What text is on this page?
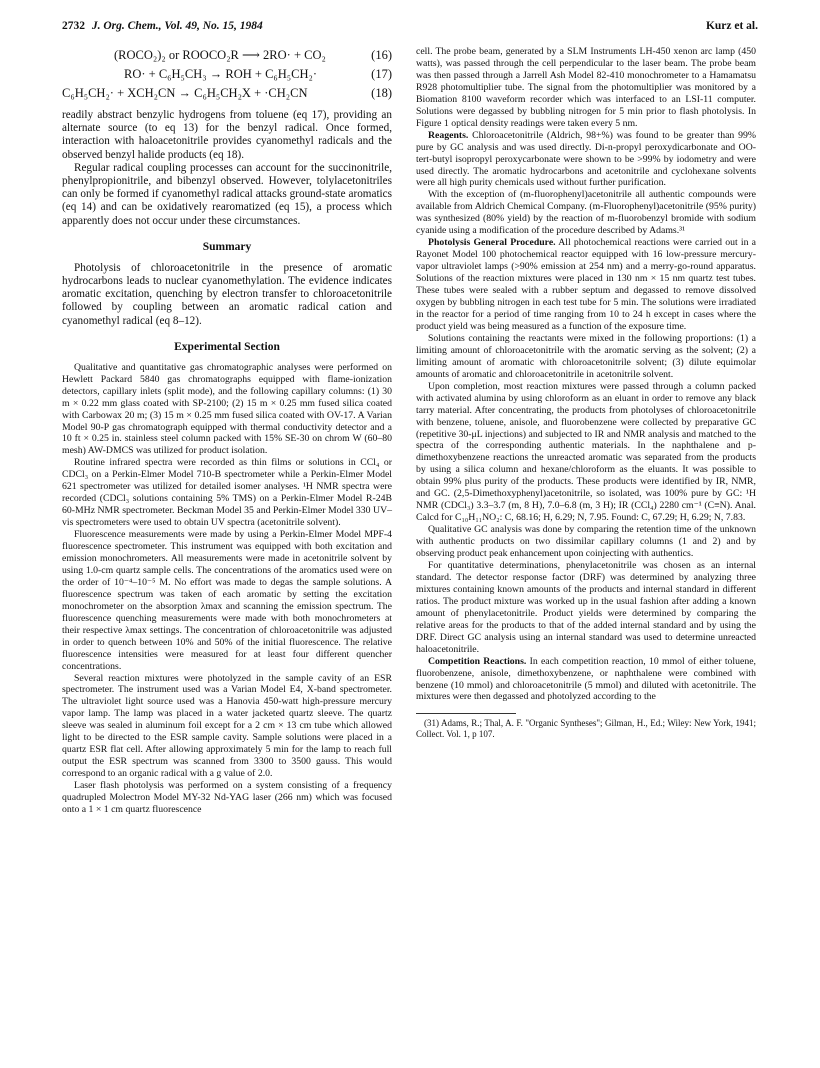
2732 J. Org. Chem., Vol. 49, No. 15, 1984	Kurz et al.
(ROCO₂)₂ or ROOCO₂R ⟶ 2RO· + CO₂	(16)
RO· + C₆H₅CH₃ → ROH + C₆H₅CH₂·	(17)
C₆H₅CH₂· + XCH₂CN → C₆H₅CH₂X + ·CH₂CN	(18)

readily abstract benzylic hydrogens from toluene (eq 17), providing an alternate source (to eq 13) for the benzyl radical. Once formed, interaction with haloacetonitrile provides cyanomethyl radicals and the observed benzyl halide products (eq 18).

Regular radical coupling processes can account for the succinonitrile, phenylpropionitrile, and bibenzyl observed. However, tolylacetonitriles can only be formed if cyanomethyl radical attacks ground-state aromatics (eq 14) and can be oxidatively rearomatized (eq 15), a process which apparently does not occur under these circumstances.

Summary

Photolysis of chloroacetonitrile in the presence of aromatic hydrocarbons leads to nuclear cyanomethylation. The evidence indicates aromatic excitation, quenching by electron transfer to chloroacetonitrile followed by coupling between an aromatic radical cation and cyanomethyl radical (eq 8–12).

Experimental Section

Qualitative and quantitative gas chromatographic analyses were performed on Hewlett Packard 5840 gas chromatographs equipped with flame-ionization detectors, capillary inlets (split mode), and the following capillary columns: (1) 30 m × 0.22 mm glass coated with SP-2100; (2) 15 m × 0.25 mm fused silica coated with Carbowax 20 m; (3) 15 m × 0.25 mm fused silica coated with OV-17. A Varian Model 90-P gas chromatograph equipped with thermal conductivity detector and a 10 ft × 0.25 in. stainless steel column packed with 15% SE-30 on chrom W (60–80 mesh) AW-DMCS was utilized for product isolation.

Routine infrared spectra were recorded as thin films or solutions in CCl₄ or CDCl₃ on a Perkin-Elmer Model 710-B spectrometer while a Perkin-Elmer Model 621 spectrometer was utilized for detailed isomer analyses. ¹H NMR spectra were recorded (CDCl₃ solutions containing 5% TMS) on a Perkin-Elmer Model R-24B 60-MHz NMR spectrometer. Beckman Model 35 and Perkin-Elmer Model 330 UV–vis spectrometers were used to obtain UV spectra (acetonitrile solvent).

Fluorescence measurements were made by using a Perkin-Elmer Model MPF-4 fluorescence spectrometer. This instrument was equipped with both excitation and emission monochrometers. All measurements were made in acetonitrile solvent by using 1.0-cm quartz sample cells. The concentrations of the aromatics used were on the order of 10⁻⁴–10⁻⁵ M. No effort was made to degas the sample solutions. A fluorescence spectrum was taken of each aromatic by setting the excitation monochrometer on the absorption λmax and scanning the emission spectrum. The fluorescence quenching measurements were made with both monochrometers at their respective λmax settings. The concentration of chloroacetonitrile was adjusted in order to quench between 10% and 50% of the initial fluorescence. The relative fluorescence intensities were measured for at least four different quencher concentrations.

Several reaction mixtures were photolyzed in the sample cavity of an ESR spectrometer. The instrument used was a Varian Model E4, X-band spectrometer. The ultraviolet light source used was a Hanovia 450-watt high-pressure mercury vapor lamp. The lamp was placed in a water jacketed quartz sleeve. The quartz sleeve was sealed in aluminum foil except for a 2 cm × 13 cm tube which allowed light to be directed to the ESR sample cavity. Sample solutions were placed in a quartz ESR flat cell. After allowing approximately 5 min for the lamp to reach full output the ESR spectrum was scanned from 3300 to 3500 gauss. This would correspond to an organic radical with a g value of 2.0.

Laser flash photolysis was performed on a system consisting of a frequency quadrupled Molectron Model MY-32 Nd-YAG laser (266 nm) which was focused onto a 1 × 1 cm quartz fluorescence

cell. The probe beam, generated by a SLM Instruments LH-450 xenon arc lamp (450 watts), was passed through the cell perpendicular to the laser beam. The probe beam was then passed through a Jarrell Ash Model 82-410 monochrometer to a Hamamatsu R928 photomultiplier tube. The signal from the photomultiplier was monitored by a Biomation 8100 waveform recorder which was interfaced to an LSI-11 computer. Solutions were degassed by bubbling nitrogen for 5 min prior to flash photolysis. In Figure 1 optical density readings were taken every 5 nm.

Reagents. Chloroacetonitrile (Aldrich, 98+%) was found to be greater than 99% pure by GC analysis and was used directly. Di-n-propyl peroxydicarbonate and OO-tert-butyl isopropyl peroxycarbonate were shown to be >99% by iodometry and were used directly. The aromatic hydrocarbons and acetonitrile and cyclohexane solvents were all high purity chemicals used without further purification.

With the exception of (m-fluorophenyl)acetonitrile all authentic compounds were available from Aldrich Chemical Company. (m-Fluorophenyl)acetonitrile (95% purity) was synthesized (80% yield) by the reaction of m-fluorobenzyl bromide with sodium cyanide using a modification of the procedure described by Adams.³¹

Photolysis General Procedure. All photochemical reactions were carried out in a Rayonet Model 100 photochemical reactor equipped with 16 low-pressure mercury-vapor ultraviolet lamps (>90% emission at 254 nm) and a merry-go-round apparatus. Solutions of the reaction mixtures were placed in 130 nm × 15 nm quartz test tubes. These tubes were sealed with a rubber septum and degassed to remove dissolved oxygen by bubbling nitrogen in each test tube for 5 min. The solutions were irradiated in the reactor for a period of time ranging from 10 to 24 h except in cases where the product yield was being measured as a function of the exposure time.

Solutions containing the reactants were mixed in the following proportions: (1) a limiting amount of chloroacetonitrile with the aromatic serving as the solvent; (2) a limiting amount of aromatic with chloroacetonitrile solvent; (3) dilute equimolar amounts of aromatic and chloroacetonitrile in acetonitrile solvent.

Upon completion, most reaction mixtures were passed through a column packed with activated alumina by using chloroform as an eluant in order to remove any black tarry material. After concentrating, the products from photolyses of chloroacetonitrile with benzene, toluene, anisole, and fluorobenzene were collected by preparative GC (repetitive 30-μL injections) and subjected to IR and NMR analysis and matched to the spectra of the corresponding authentic materials. In the naphthalene and p-dimethoxybenzene reactions the unreacted aromatic was separated from the products by using a silica column and hexane/chloroform as the eluants. It was possible to obtain 99% plus purity of the products. These products were identified by IR, NMR, and GC. (2,5-Dimethoxyphenyl)acetonitrile, so isolated, was 100% pure by GC: ¹H NMR (CDCl₃) 3.3–3.7 (m, 8 H), 7.0–6.8 (m, 3 H); IR (CCl₄) 2280 cm⁻¹ (C≡N). Anal. Calcd for C₁₀H₁₁NO₂: C, 68.16; H, 6.29; N, 7.95. Found: C, 67.29; H, 6.29; N, 7.83.

Qualitative GC analysis was done by comparing the retention time of the unknown with authentic products on two dissimilar capillary columns (1 and 2) and by observing product peak enhancement upon coinjecting with authentics.

For quantitative determinations, phenylacetonitrile was chosen as an internal standard. The detector response factor (DRF) was determined by analyzing three mixtures containing known amounts of the products and internal standard in different ratios. The product mixture was worked up in the usual fashion after adding a known amount of phenylacetonitrile. Product yields were determined by comparing the relative areas for the products to that of the added internal standard and by using the DRF. Direct GC analysis using an internal standard was used to determine unreacted haloacetonitrile.

Competition Reactions. In each competition reaction, 10 mmol of either toluene, fluorobenzene, anisole, dimethoxybenzene, or naphthalene were combined with benzene (10 mmol) and chloroacetonitrile (5 mmol) and diluted with acetonitrile. The mixtures were then degassed and photolyzed according to the

(31) Adams, R.; Thal, A. F. "Organic Syntheses"; Gilman, H., Ed.; Wiley: New York, 1941; Collect. Vol. 1, p 107.
